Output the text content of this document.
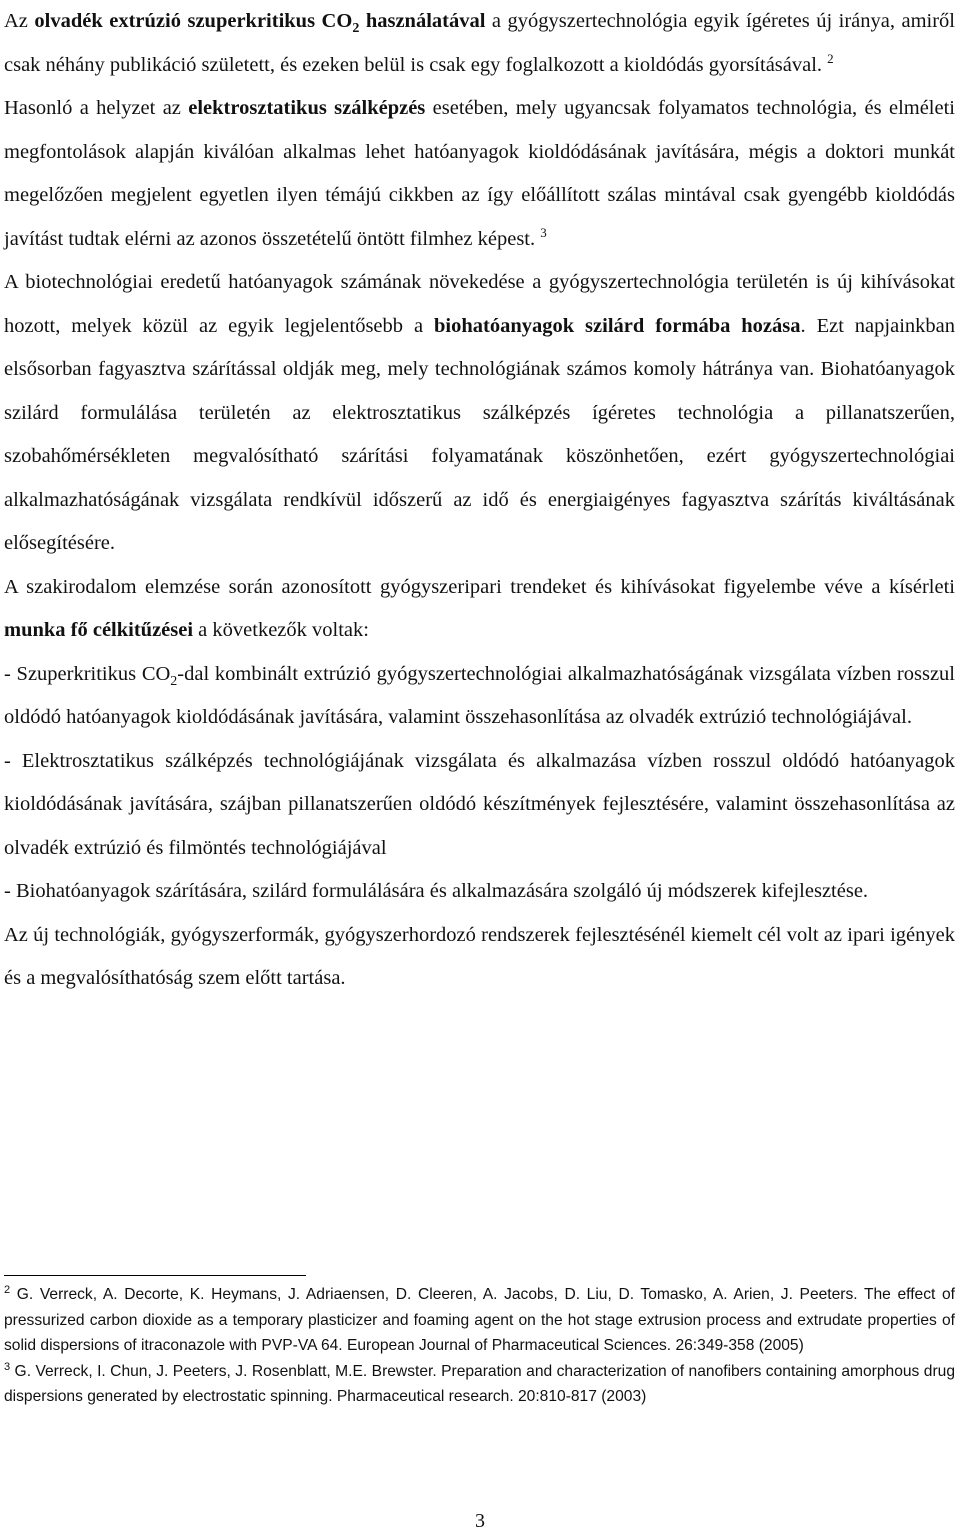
Az olvadék extrúzió szuperkritikus $CO_2$ használatával a gyógyszertechnológia egyik ígéretes új iránya, amiről csak néhány publikáció született, és ezeken belül is csak egy foglalkozott a kioldódás gyorsításával. $^2$

Hasonló a helyzet az elektrosztatikus szálképzés esetében, mely ugyancsak folyamatos technológia, és elméleti megfontolások alapján kiválóan alkalmas lehet hatóanyagok kioldódásának javítására, mégis a doktori munkát megelőzően megjelent egyetlen ilyen témájú cikkben az így előállított szálas mintával csak gyengébb kioldódás javítást tudtak elérni az azonos összetételű öntött filmhez képest. $^3$

A biotechnológiai eredetű hatóanyagok számának növekedése a gyógyszertechnológia területén is új kihívásokat hozott, melyek közül az egyik legjelentősebb a biohatóanyagok szilárd formába hozása. Ezt napjainkban elsősorban fagyasztva szárítással oldják meg, mely technológiának számos komoly hátránya van. Biohatóanyagok szilárd formulálása területén az elektrosztatikus szálképzés ígéretes technológia a pillanatszerűen, szobahőmérsékleten megvalósítható szárítási folyamatának köszönhetően, ezért gyógyszertechnológiai alkalmazhatóságának vizsgálata rendkívül időszerű az idő és energiaigényes fagyasztva szárítás kiváltásának elősegítésére.

A szakirodalom elemzése során azonosított gyógyszeripari trendeket és kihívásokat figyelembe véve a kísérleti munka fő célkitűzései a következők voltak:

- Szuperkritikus $CO_2$-dal kombinált extrúzió gyógyszertechnológiai alkalmazhatóságának vizsgálata vízben rosszul oldódó hatóanyagok kioldódásának javítására, valamint összehasonlítása az olvadék extrúzió technológiájával.

- Elektrosztatikus szálképzés technológiájának vizsgálata és alkalmazása vízben rosszul oldódó hatóanyagok kioldódásának javítására, szájban pillanatszerűen oldódó készítmények fejlesztésére, valamint összehasonlítása az olvadék extrúzió és filmöntés technológiájával

- Biohatóanyagok szárítására, szilárd formulálására és alkalmazására szolgáló új módszerek kifejlesztése.

Az új technológiák, gyógyszerformák, gyógyszerhordozó rendszerek fejlesztésénél kiemelt cél volt az ipari igények és a megvalósíthatóság szem előtt tartása.

$^2$ G. Verreck, A. Decorte, K. Heymans, J. Adriaensen, D. Cleeren, A. Jacobs, D. Liu, D. Tomasko, A. Arien, J. Peeters. The effect of pressurized carbon dioxide as a temporary plasticizer and foaming agent on the hot stage extrusion process and extrudate properties of solid dispersions of itraconazole with PVP-VA 64. European Journal of Pharmaceutical Sciences. 26:349-358 (2005)

$^3$ G. Verreck, I. Chun, J. Peeters, J. Rosenblatt, M.E. Brewster. Preparation and characterization of nanofibers containing amorphous drug dispersions generated by electrostatic spinning. Pharmaceutical research. 20:810-817 (2003)

3
